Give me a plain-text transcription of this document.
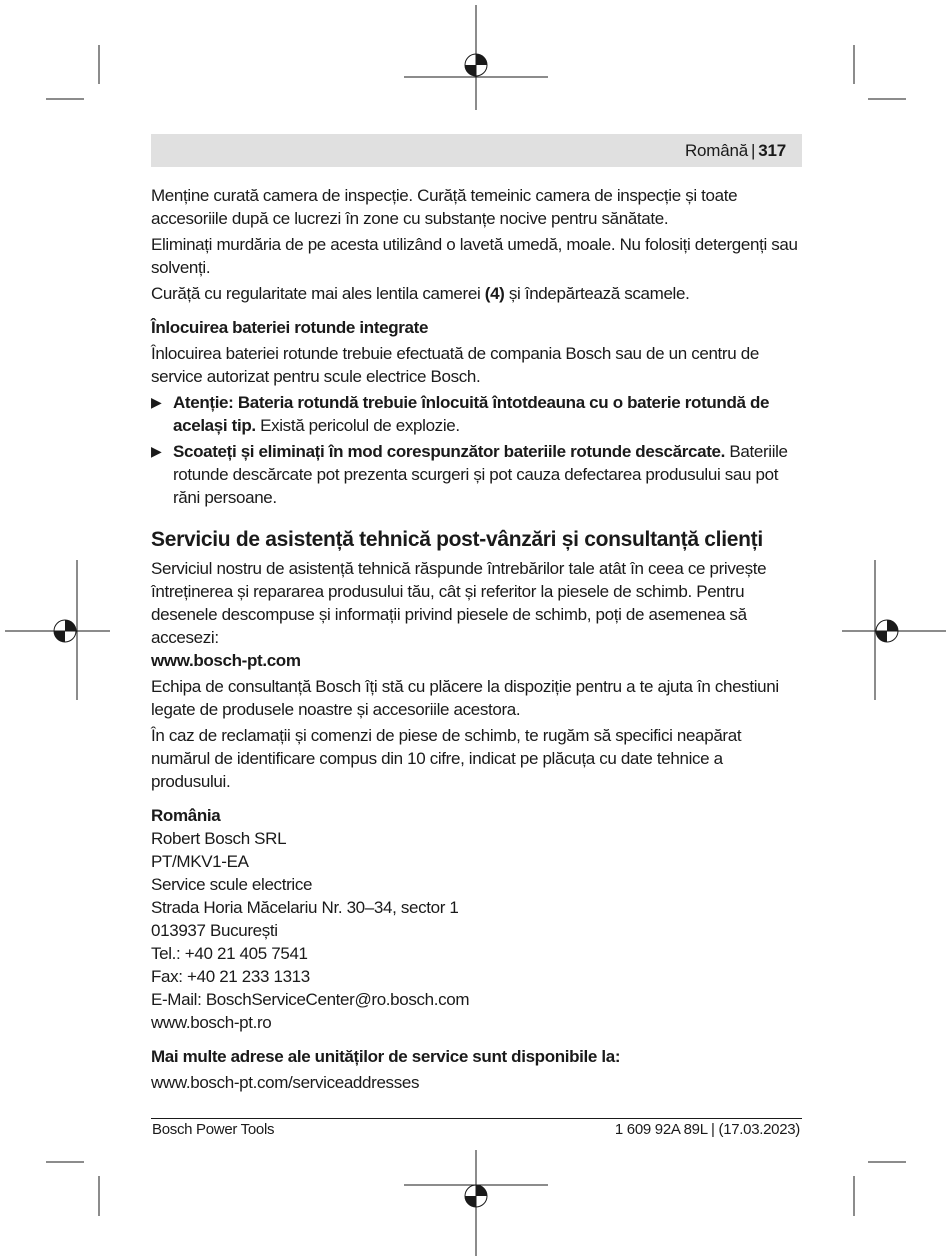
Română | 317

Menține curată camera de inspecție. Curăță temeinic camera de inspecție și toate accesoriile după ce lucrezi în zone cu substanțe nocive pentru sănătate.

Eliminați murdăria de pe acesta utilizând o lavetă umedă, moale. Nu folosiți detergenți sau solvenți.

Curăță cu regularitate mai ales lentila camerei (4) și îndepărtează scamele.

Înlocuirea bateriei rotunde integrate

Înlocuirea bateriei rotunde trebuie efectuată de compania Bosch sau de un centru de service autorizat pentru scule electrice Bosch.

▶ Atenție: Bateria rotundă trebuie înlocuită întotdeauna cu o baterie rotundă de același tip. Există pericolul de explozie.

▶ Scoateți și eliminați în mod corespunzător bateriile rotunde descărcate. Bateriile rotunde descărcate pot prezenta scurgeri și pot cauza defectarea produsului sau pot răni persoane.

Serviciu de asistență tehnică post-vânzări și consultanță clienți

Serviciul nostru de asistență tehnică răspunde întrebărilor tale atât în ceea ce privește întreținerea și repararea produsului tău, cât și referitor la piesele de schimb. Pentru desenele descompuse și informații privind piesele de schimb, poți de asemenea să accesezi:

www.bosch-pt.com

Echipa de consultanță Bosch îți stă cu plăcere la dispoziție pentru a te ajuta în chestiuni legate de produsele noastre și accesoriile acestora.

În caz de reclamații și comenzi de piese de schimb, te rugăm să specifici neapărat numărul de identificare compus din 10 cifre, indicat pe plăcuța cu date tehnice a produsului.

România

Robert Bosch SRL

PT/MKV1-EA

Service scule electrice

Strada Horia Măcelariu Nr. 30–34, sector 1

013937 București

Tel.: +40 21 405 7541

Fax: +40 21 233 1313

E-Mail: BoschServiceCenter@ro.bosch.com

www.bosch-pt.ro

Mai multe adrese ale unităților de service sunt disponibile la:

www.bosch-pt.com/serviceaddresses

Bosch Power Tools	1 609 92A 89L | (17.03.2023)
